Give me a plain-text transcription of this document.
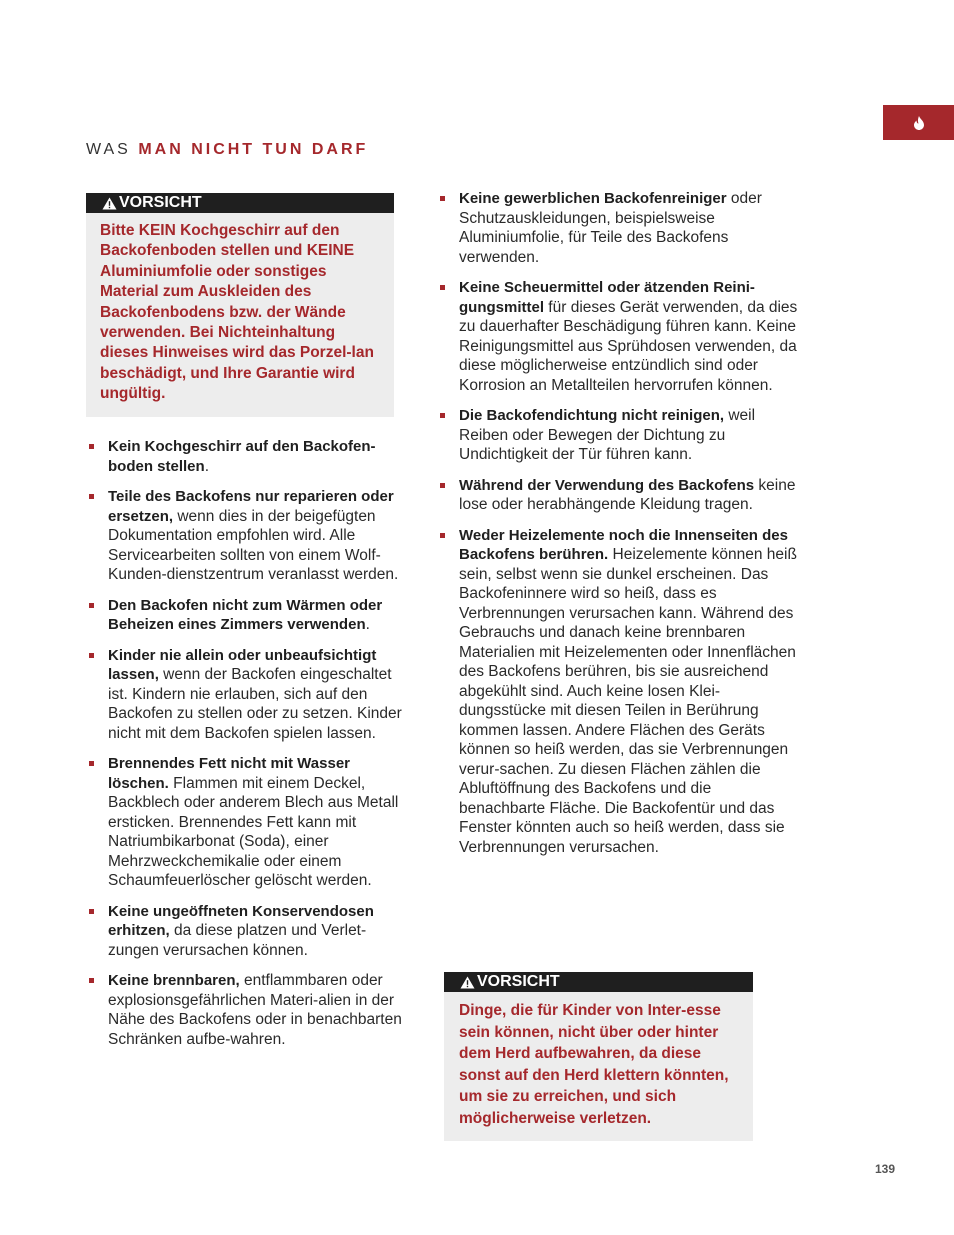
WAS MAN NICHT TUN DARF
VORSICHT
Bitte KEIN Kochgeschirr auf den Backofenboden stellen und KEINE Aluminiumfolie oder sonstiges Material zum Auskleiden des Backofenbodens bzw. der Wände verwenden. Bei Nichteinhaltung dieses Hinweises wird das Porzel-lan beschädigt, und Ihre Garantie wird ungültig.
Kein Kochgeschirr auf den Backofen-boden stellen.
Teile des Backofens nur reparieren oder ersetzen, wenn dies in der beigefügten Dokumentation empfohlen wird. Alle Servicearbeiten sollten von einem Wolf-Kunden-dienstzentrum veranlasst werden.
Den Backofen nicht zum Wärmen oder Beheizen eines Zimmers verwenden.
Kinder nie allein oder unbeaufsichtigt lassen, wenn der Backofen eingeschaltet ist. Kindern nie erlauben, sich auf den Backofen zu stellen oder zu setzen. Kinder nicht mit dem Backofen spielen lassen.
Brennendes Fett nicht mit Wasser löschen. Flammen mit einem Deckel, Backblech oder anderem Blech aus Metall ersticken. Brennendes Fett kann mit Natriumbikarbonat (Soda), einer Mehrzweckchemikalie oder einem Schaumfeuerlöscher gelöscht werden.
Keine ungeöffneten Konservendosen erhitzen, da diese platzen und Verlet-zungen verursachen können.
Keine brennbaren, entflammbaren oder explosionsgefährlichen Materi-alien in der Nähe des Backofens oder in benachbarten Schränken aufbe-wahren.
Keine gewerblichen Backofenreiniger oder Schutzauskleidungen, beispielsweise Aluminiumfolie, für Teile des Backofens verwenden.
Keine Scheuermittel oder ätzenden Reini-gungsmittel für dieses Gerät verwenden, da dies zu dauerhafter Beschädigung führen kann. Keine Reinigungsmittel aus Sprühdosen verwenden, da diese möglicherweise entzündlich sind oder Korrosion an Metallteilen hervorrufen können.
Die Backofendichtung nicht reinigen, weil Reiben oder Bewegen der Dichtung zu Undichtigkeit der Tür führen kann.
Während der Verwendung des Backofens keine lose oder herabhängende Kleidung tragen.
Weder Heizelemente noch die Innenseiten des Backofens berühren. Heizelemente können heiß sein, selbst wenn sie dunkel erscheinen. Das Backofeninnere wird so heiß, dass es Verbrennungen verursachen kann. Während des Gebrauchs und danach keine brennbaren Materialien mit Heizelementen oder Innenflächen des Backofens berühren, bis sie ausreichend abgekühlt sind. Auch keine losen Klei-dungsstücke mit diesen Teilen in Berührung kommen lassen. Andere Flächen des Geräts können so heiß werden, das sie Verbrennungen verur-sachen. Zu diesen Flächen zählen die Abluftöffnung des Backofens und die benachbarte Fläche. Die Backofentür und das Fenster könnten auch so heiß werden, dass sie Verbrennungen verursachen.
VORSICHT
Dinge, die für Kinder von Inter-esse sein können, nicht über oder hinter dem Herd aufbewahren, da diese sonst auf den Herd klettern könnten, um sie zu erreichen, und sich möglicherweise verletzen.
139
